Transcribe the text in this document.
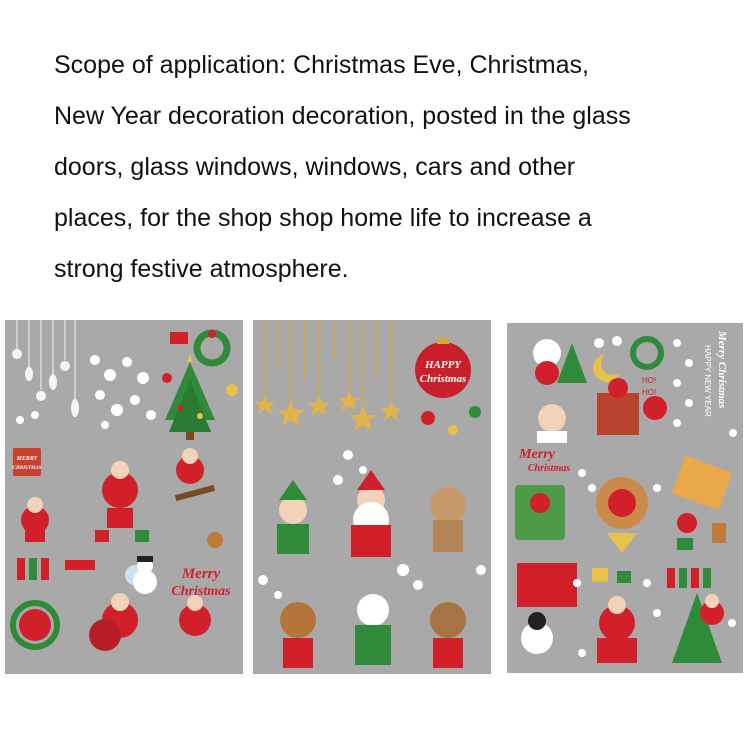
Scope of application: Christmas Eve, Christmas,
New Year decoration decoration, posted in the glass
doors, glass windows, windows, cars and other
places, for the shop shop home life to increase a
strong festive atmosphere.

MERRY
CHRISTMAS
Merry
Christmas
HAPPY
Christmas	HO!
HO!	Merry Christmas
HAPPY NEW YEAR
Merry
Christmas
